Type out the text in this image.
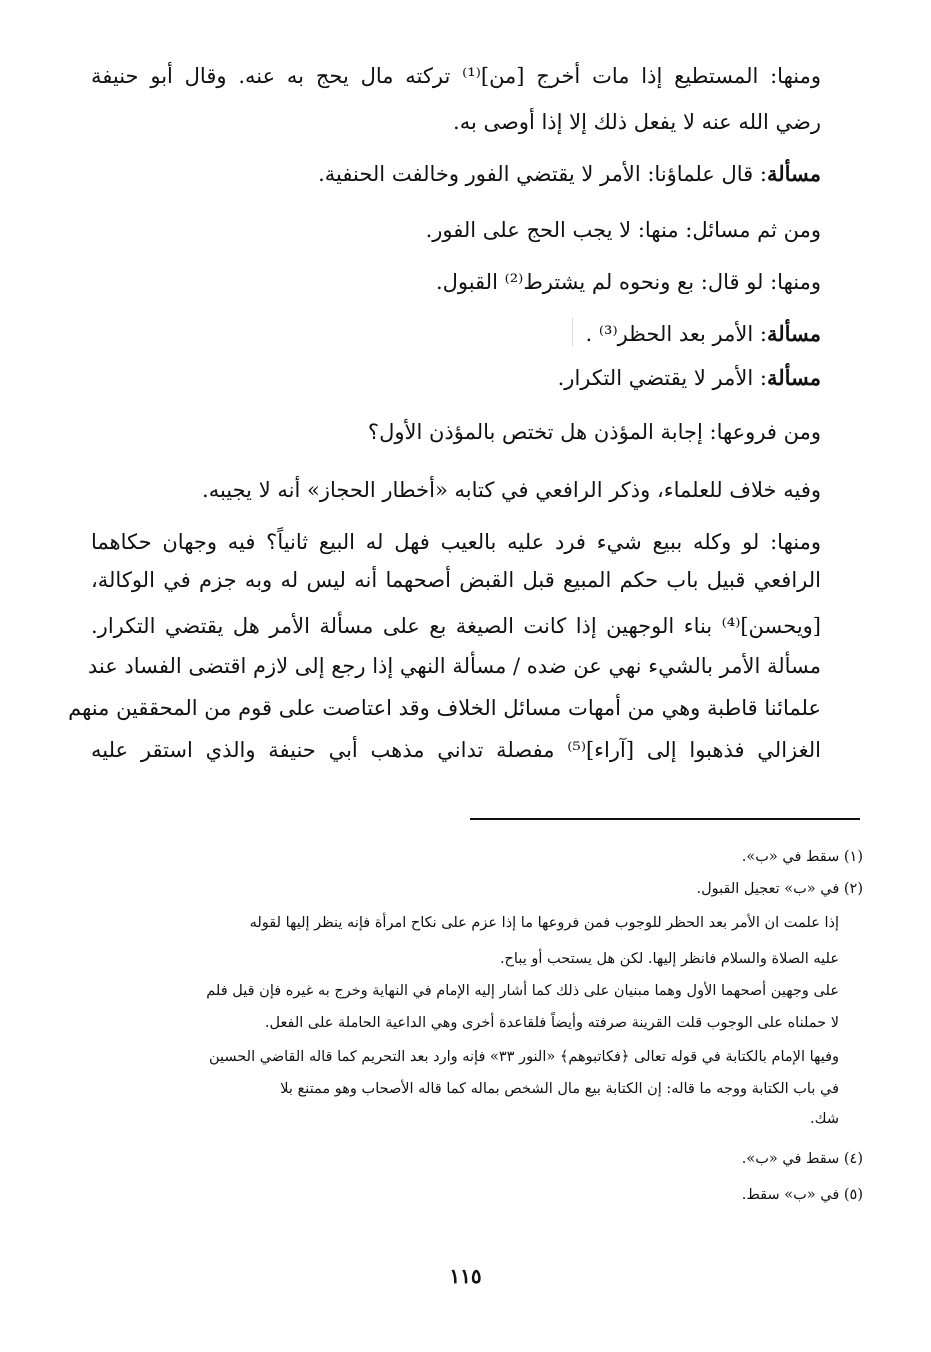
ومنها: المستطيع إذا مات أخرج [من]⁽¹⁾ تركته مال يحج به عنه. وقال أبو حنيفة
رضي الله عنه لا يفعل ذلك إلا إذا أوصى به.
مسألة: قال علماؤنا: الأمر لا يقتضي الفور وخالفت الحنفية.
ومن ثم مسائل: منها: لا يجب الحج على الفور.
ومنها: لو قال: بع ونحوه لم يشترط⁽²⁾ القبول.
مسألة: الأمر بعد الحظر⁽³⁾ .
مسألة: الأمر لا يقتضي التكرار.
ومن فروعها: إجابة المؤذن هل تختص بالمؤذن الأول؟
وفيه خلاف للعلماء، وذكر الرافعي في كتابه «أخطار الحجاز» أنه لا يجيبه.
ومنها: لو وكله ببيع شيء فرد عليه بالعيب فهل له البيع ثانياً؟ فيه وجهان حكاهما
الرافعي قبيل باب حكم المبيع قبل القبض أصحهما أنه ليس له وبه جزم في الوكالة،
[ويحسن]⁽⁴⁾ بناء الوجهين إذا كانت الصيغة بع على مسألة الأمر هل يقتضي التكرار.
مسألة الأمر بالشيء نهي عن ضده / مسألة النهي إذا رجع إلى لازم اقتضى الفساد عند
علمائنا قاطبة وهي من أمهات مسائل الخلاف وقد اعتاصت على قوم من المحققين منهم
الغزالي فذهبوا إلى [آراء]⁽⁵⁾ مفصلة تداني مذهب أبي حنيفة والذي استقر عليه
(١) سقط في «ب».
(٢) في «ب» تعجيل القبول.
إذا علمت ان الأمر بعد الحظر للوجوب فمن فروعها ما إذا عزم على نكاح امرأة فإنه ينظر إليها لقوله
عليه الصلاة والسلام فانظر إليها. لكن هل يستحب أو يباح.
على وجهين أصحهما الأول وهما مبنيان على ذلك كما أشار إليه الإمام في النهاية وخرج به غيره فإن قيل فلم
لا حملناه على الوجوب قلت القرينة صرفته وأيضاً فلقاعدة أخرى وهي الداعية الحاملة على الفعل.
وفيها الإمام بالكتابة في قوله تعالى ﴿فكاتبوهم﴾ «النور ٣٣» فإنه وارد بعد التحريم كما قاله القاضي الحسين
في باب الكتابة ووجه ما قاله: إن الكتابة بيع مال الشخص بماله كما قاله الأصحاب وهو ممتنع بلا
شك.
(٤) سقط في «ب».
(٥) في «ب» سقط.
١١٥
